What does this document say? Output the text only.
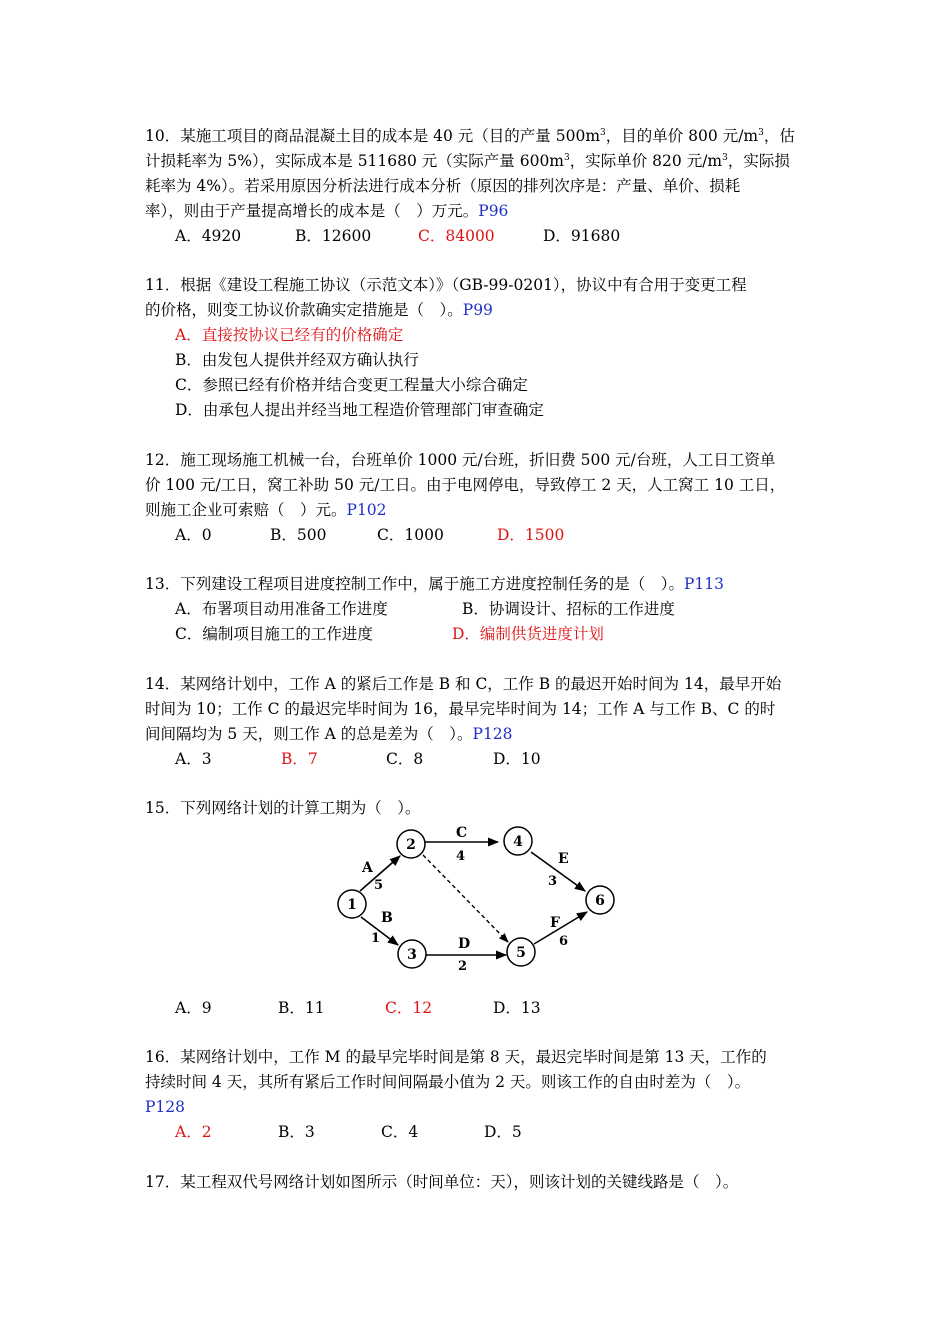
10．某施工项目的商品混凝土目的成本是 40 元（目的产量 $500m^3$，目的单价 800 元$/m^3$，估
计损耗率为 5%），实际成本是 511680 元（实际产量 $600m^3$，实际单价 820 元$/m^3$，实际损
耗率为 4%）。若采用原因分析法进行成本分析（原因的排列次序是：产量、单价、损耗
率），则由于产量提高增长的成本是（　）万元。P96
A．4920	B．12600	C．84000	D．91680
11．根据《建设工程施工协议（示范文本）》（GB-99-0201），协议中有合用于变更工程
的价格，则变工协议价款确实定措施是（　）。P99
A．直接按协议已经有的价格确定
B．由发包人提供并经双方确认执行
C．参照已经有价格并结合变更工程量大小综合确定
D．由承包人提出并经当地工程造价管理部门审查确定
12．施工现场施工机械一台，台班单价 1000 元/台班，折旧费 500 元/台班，人工日工资单
价 100 元/工日，窝工补助 50 元/工日。由于电网停电，导致停工 2 天，人工窝工 10 工日，
则施工企业可索赔（　）元。P102
A．0	B．500	C．1000	D．1500
13．下列建设工程项目进度控制工作中，属于施工方进度控制任务的是（　）。P113
A．布署项目动用准备工作进度	B．协调设计、招标的工作进度
C．编制项目施工的工作进度	D．编制供货进度计划
14．某网络计划中，工作 A 的紧后工作是 B 和 C，工作 B 的最迟开始时间为 14，最早开始
时间为 10；工作 C 的最迟完毕时间为 16，最早完毕时间为 14；工作 A 与工作 B、C 的时
间间隔均为 5 天，则工作 A 的总是差为（　）。P128
A．3	B．7	C．8	D．10
15．下列网络计划的计算工期为（　）。
1
2
3
4
5
6
A
5
B
1
C
4
D
2
E
3
F
6
A．9	B．11	C．12	D．13
16．某网络计划中，工作 M 的最早完毕时间是第 8 天，最迟完毕时间是第 13 天，工作的
持续时间 4 天，其所有紧后工作时间间隔最小值为 2 天。则该工作的自由时差为（　）。
P128
A．2	B．3	C．4	D．5
17．某工程双代号网络计划如图所示（时间单位：天），则该计划的关键线路是（　）。
